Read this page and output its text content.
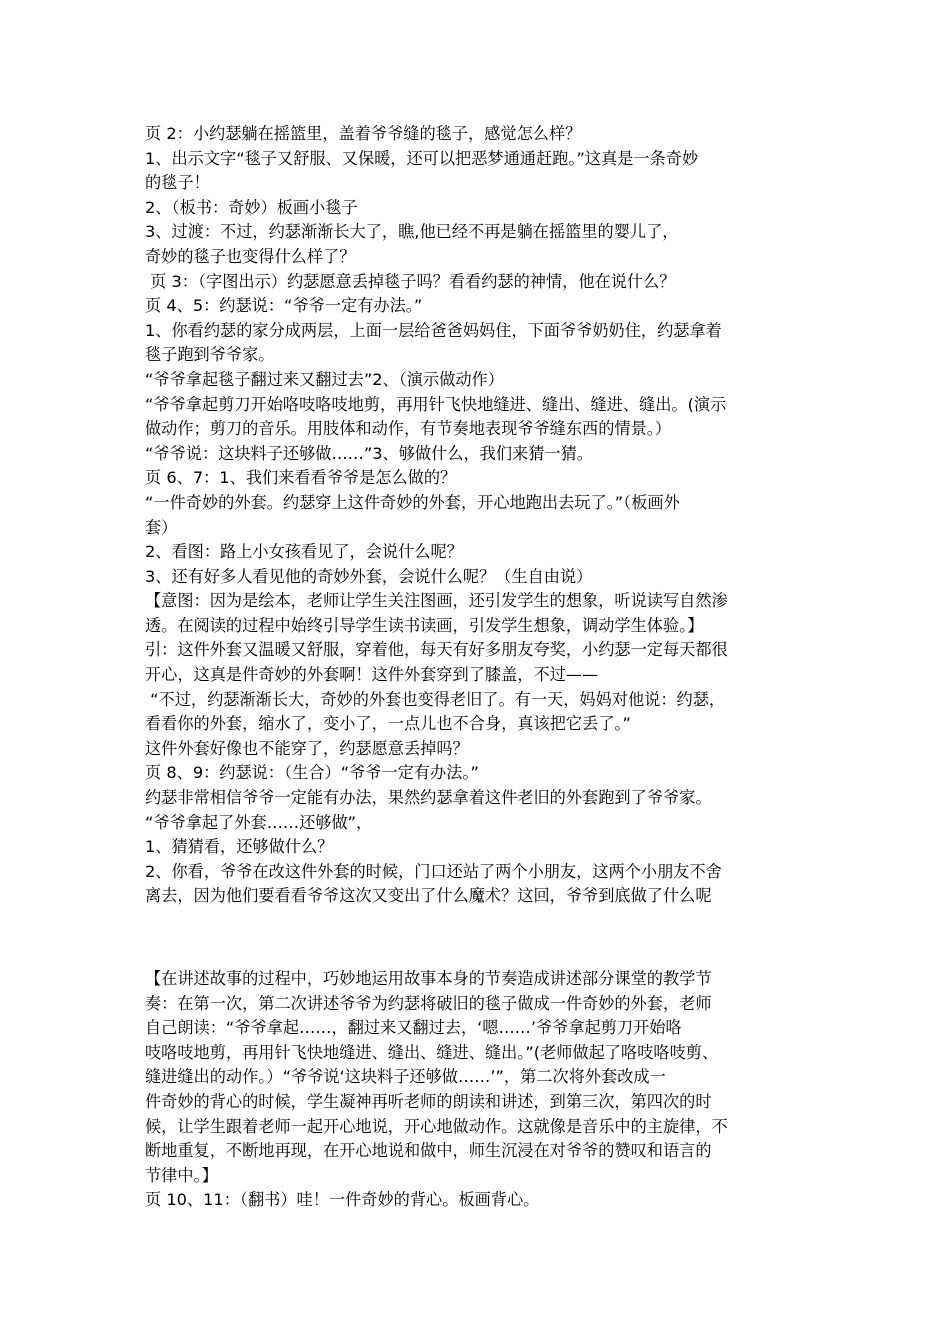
页 2：小约瑟躺在摇篮里，盖着爷爷缝的毯子，感觉怎么样？
1、出示文字“毯子又舒服、又保暖，还可以把恶梦通通赶跑。”这真是一条奇妙
的毯子！
2、（板书：奇妙）板画小毯子
3、过渡：不过，约瑟渐渐长大了，瞧,他已经不再是躺在摇篮里的婴儿了，
奇妙的毯子也变得什么样了？
页 3：（字图出示）约瑟愿意丢掉毯子吗？看看约瑟的神情，他在说什么？
页 4、5：约瑟说：“爷爷一定有办法。”
1、你看约瑟的家分成两层，上面一层给爸爸妈妈住，下面爷爷奶奶住，约瑟拿着
毯子跑到爷爷家。
“爷爷拿起毯子翻过来又翻过去”2、（演示做动作）
“爷爷拿起剪刀开始咯吱咯吱地剪，再用针飞快地缝进、缝出、缝进、缝出。(演示
做动作；剪刀的音乐。用肢体和动作，有节奏地表现爷爷缝东西的情景。）
“爷爷说：这块料子还够做……”3、够做什么，我们来猜一猜。
页 6、7：1、我们来看看爷爷是怎么做的？
“一件奇妙的外套。约瑟穿上这件奇妙的外套，开心地跑出去玩了。”（板画外
套）
2、看图：路上小女孩看见了，会说什么呢？
3、还有好多人看见他的奇妙外套，会说什么呢？（生自由说）
【意图：因为是绘本，老师让学生关注图画，还引发学生的想象，听说读写自然渗
透。在阅读的过程中始终引导学生读书读画，引发学生想象，调动学生体验。】
引：这件外套又温暖又舒服，穿着他，每天有好多朋友夸奖，小约瑟一定每天都很
开心，这真是件奇妙的外套啊！这件外套穿到了膝盖，不过——
“不过，约瑟渐渐长大，奇妙的外套也变得老旧了。有一天，妈妈对他说：约瑟，
看看你的外套，缩水了，变小了，一点儿也不合身，真该把它丢了。”
这件外套好像也不能穿了，约瑟愿意丢掉吗？
页 8、9：约瑟说：（生合）“爷爷一定有办法。”
约瑟非常相信爷爷一定能有办法，果然约瑟拿着这件老旧的外套跑到了爷爷家。
“爷爷拿起了外套……还够做”，
1、猜猜看，还够做什么？
2、你看，爷爷在改这件外套的时候，门口还站了两个小朋友，这两个小朋友不舍
离去，因为他们要看看爷爷这次又变出了什么魔术？这回，爷爷到底做了什么呢
【在讲述故事的过程中，巧妙地运用故事本身的节奏造成讲述部分课堂的教学节
奏：在第一次，第二次讲述爷爷为约瑟将破旧的毯子做成一件奇妙的外套，老师
自己朗读：“爷爷拿起……，翻过来又翻过去，‘嗯……’爷爷拿起剪刀开始咯
吱咯吱地剪，再用针飞快地缝进、缝出、缝进、缝出。”(老师做起了咯吱咯吱剪、
缝进缝出的动作。）“爷爷说‘这块料子还够做……’”，第二次将外套改成一
件奇妙的背心的时候，学生凝神再听老师的朗读和讲述，到第三次，第四次的时
候，让学生跟着老师一起开心地说，开心地做动作。这就像是音乐中的主旋律，不
断地重复，不断地再现，在开心地说和做中，师生沉浸在对爷爷的赞叹和语言的
节律中。】
页 10、11：（翻书）哇！一件奇妙的背心。板画背心。
